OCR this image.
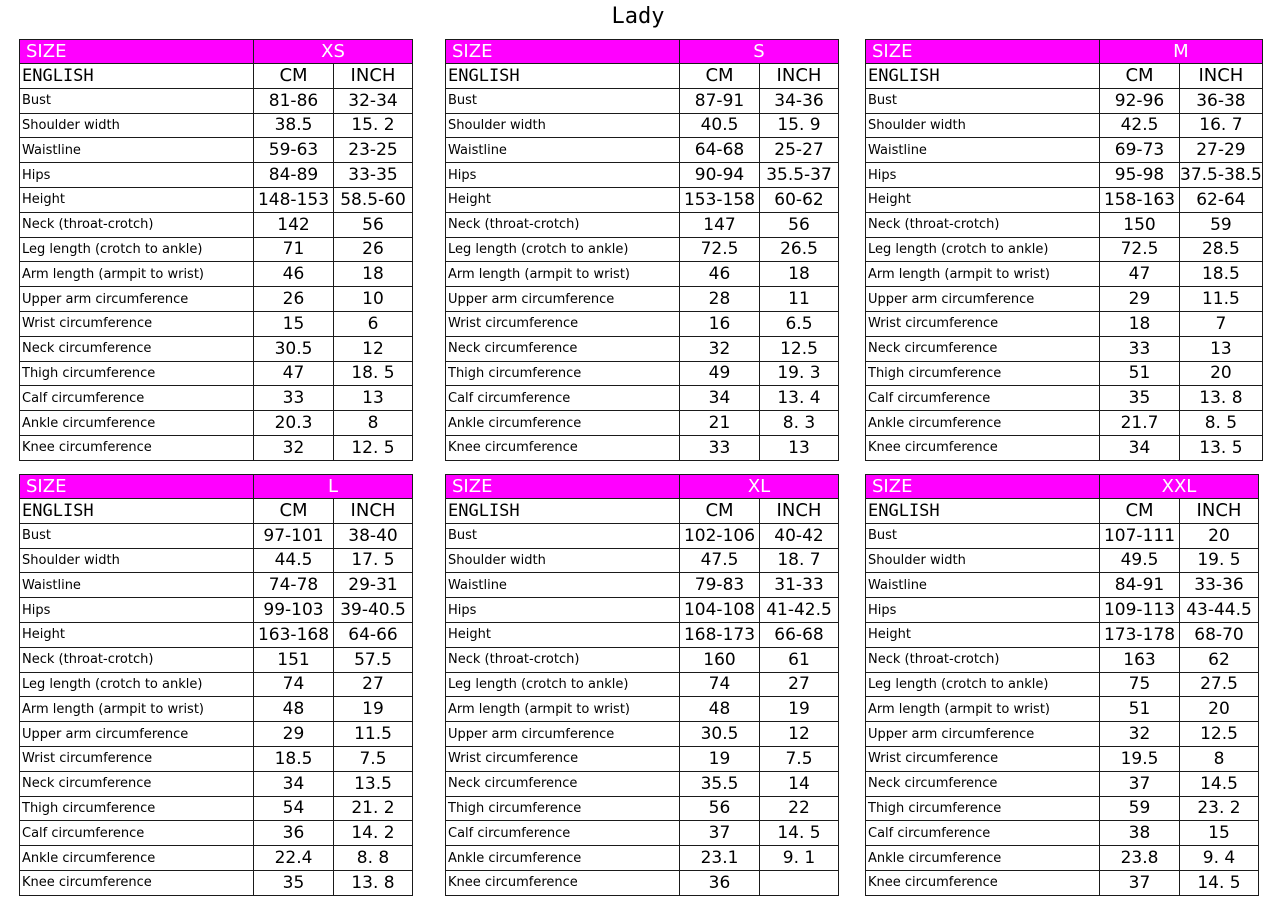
Lady
SIZE	XS	
ENGLISH	CM	INCH
Bust	81-86	32-34
Shoulder width	38.5	15. 2
Waistline	59-63	23-25
Hips	84-89	33-35
Height	148-153	58.5-60
Neck (throat-crotch)	142	56
Leg length (crotch to ankle)	71	26
Arm length (armpit to wrist)	46	18
Upper arm circumference	26	10
Wrist circumference	15	6
Neck circumference	30.5	12
Thigh circumference	47	18. 5
Calf circumference	33	13
Ankle circumference	20.3	8
Knee circumference	32	12. 5
SIZE	S	
ENGLISH	CM	INCH
Bust	87-91	34-36
Shoulder width	40.5	15. 9
Waistline	64-68	25-27
Hips	90-94	35.5-37
Height	153-158	60-62
Neck (throat-crotch)	147	56
Leg length (crotch to ankle)	72.5	26.5
Arm length (armpit to wrist)	46	18
Upper arm circumference	28	11
Wrist circumference	16	6.5
Neck circumference	32	12.5
Thigh circumference	49	19. 3
Calf circumference	34	13. 4
Ankle circumference	21	8. 3
Knee circumference	33	13
SIZE	M	
ENGLISH	CM	INCH
Bust	92-96	36-38
Shoulder width	42.5	16. 7
Waistline	69-73	27-29
Hips	95-98	37.5-38.5
Height	158-163	62-64
Neck (throat-crotch)	150	59
Leg length (crotch to ankle)	72.5	28.5
Arm length (armpit to wrist)	47	18.5
Upper arm circumference	29	11.5
Wrist circumference	18	7
Neck circumference	33	13
Thigh circumference	51	20
Calf circumference	35	13. 8
Ankle circumference	21.7	8. 5
Knee circumference	34	13. 5
SIZE	L	
ENGLISH	CM	INCH
Bust	97-101	38-40
Shoulder width	44.5	17. 5
Waistline	74-78	29-31
Hips	99-103	39-40.5
Height	163-168	64-66
Neck (throat-crotch)	151	57.5
Leg length (crotch to ankle)	74	27
Arm length (armpit to wrist)	48	19
Upper arm circumference	29	11.5
Wrist circumference	18.5	7.5
Neck circumference	34	13.5
Thigh circumference	54	21. 2
Calf circumference	36	14. 2
Ankle circumference	22.4	8. 8
Knee circumference	35	13. 8
SIZE	XL	
ENGLISH	CM	INCH
Bust	102-106	40-42
Shoulder width	47.5	18. 7
Waistline	79-83	31-33
Hips	104-108	41-42.5
Height	168-173	66-68
Neck (throat-crotch)	160	61
Leg length (crotch to ankle)	74	27
Arm length (armpit to wrist)	48	19
Upper arm circumference	30.5	12
Wrist circumference	19	7.5
Neck circumference	35.5	14
Thigh circumference	56	22
Calf circumference	37	14. 5
Ankle circumference	23.1	9. 1
Knee circumference	36	
SIZE	XXL	
ENGLISH	CM	INCH
Bust	107-111	20
Shoulder width	49.5	19. 5
Waistline	84-91	33-36
Hips	109-113	43-44.5
Height	173-178	68-70
Neck (throat-crotch)	163	62
Leg length (crotch to ankle)	75	27.5
Arm length (armpit to wrist)	51	20
Upper arm circumference	32	12.5
Wrist circumference	19.5	8
Neck circumference	37	14.5
Thigh circumference	59	23. 2
Calf circumference	38	15
Ankle circumference	23.8	9. 4
Knee circumference	37	14. 5
